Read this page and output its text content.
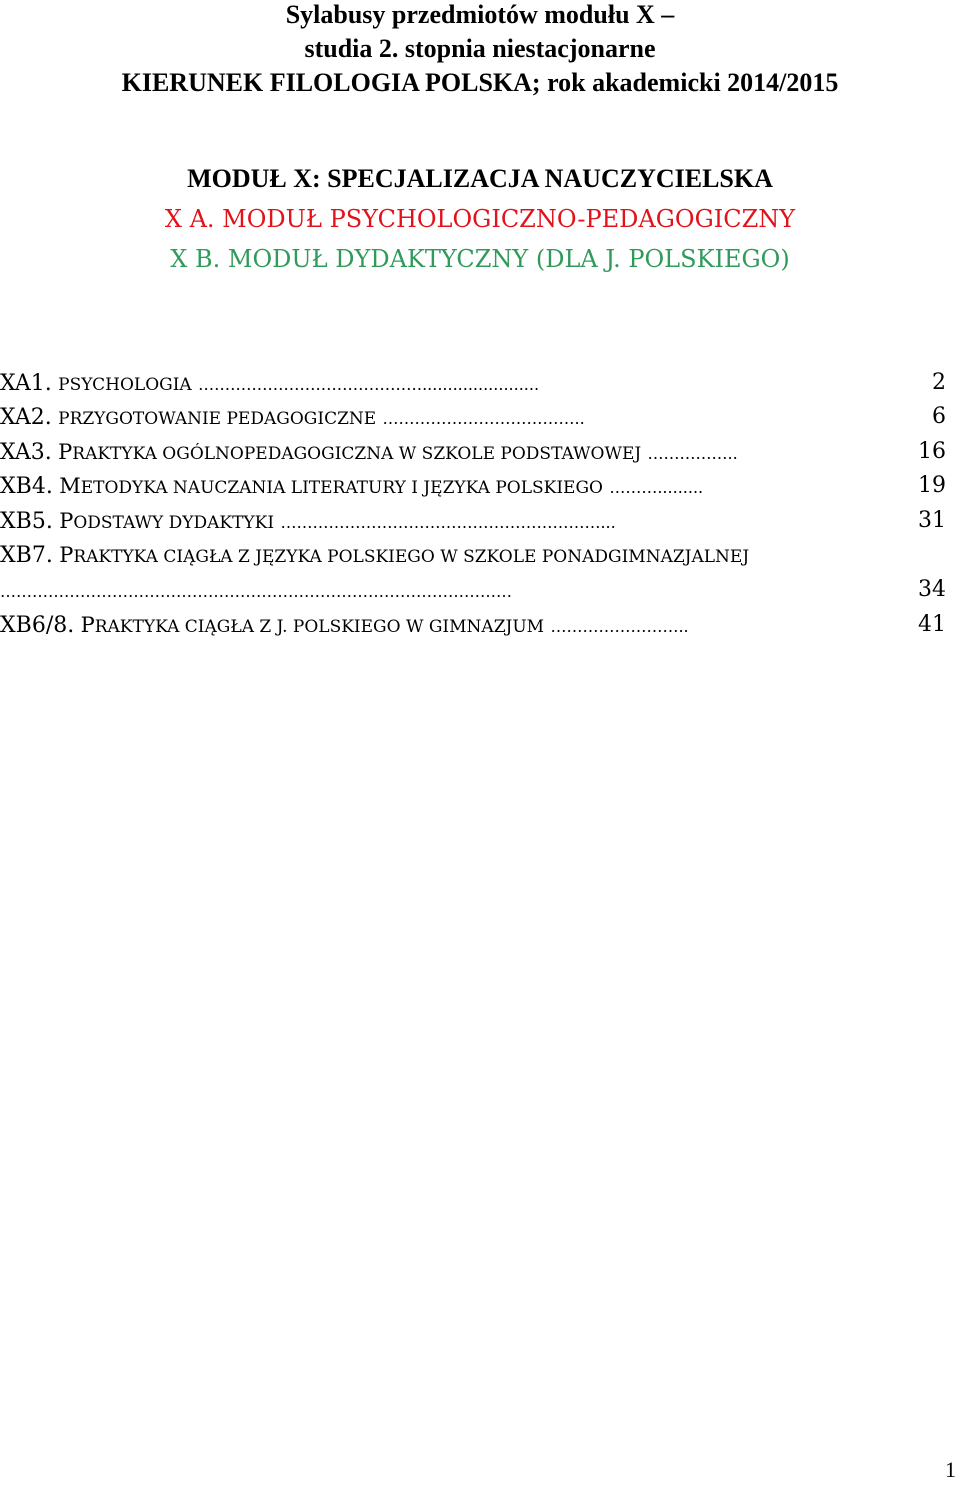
Sylabusy przedmiotów modułu X –
studia 2. stopnia niestacjonarne
KIERUNEK FILOLOGIA POLSKA; rok akademicki 2014/2015
MODUŁ X: SPECJALIZACJA NAUCZYCIELSKA
X A. MODUŁ PSYCHOLOGICZNO-PEDAGOGICZNY
X B. MODUŁ DYDAKTYCZNY (DLA J. POLSKIEGO)
XA1. PSYCHOLOGIA …………………………………….......................	2
XA2. PRZYGOTOWANIE PEDAGOGICZNE ………………………………..	6
XA3. PRAKTYKA OGÓLNOPEDAGOGICZNA W SZKOLE PODSTAWOWEJ ……………..	16
XB4. METODYKA NAUCZANIA LITERATURY I JĘZYKA POLSKIEGO ……….........	19
XB5. PODSTAWY DYDAKTYKI ……………………………………………………...	31
XB7. PRAKTYKA CIĄGŁA Z JĘZYKA POLSKIEGO W SZKOLE PONADGIMNAZJALNEJ
……………………………………………………………………………………	34
XB6/8. PRAKTYKA CIĄGŁA Z J. POLSKIEGO W GIMNAZJUM ……………………..	41
1
